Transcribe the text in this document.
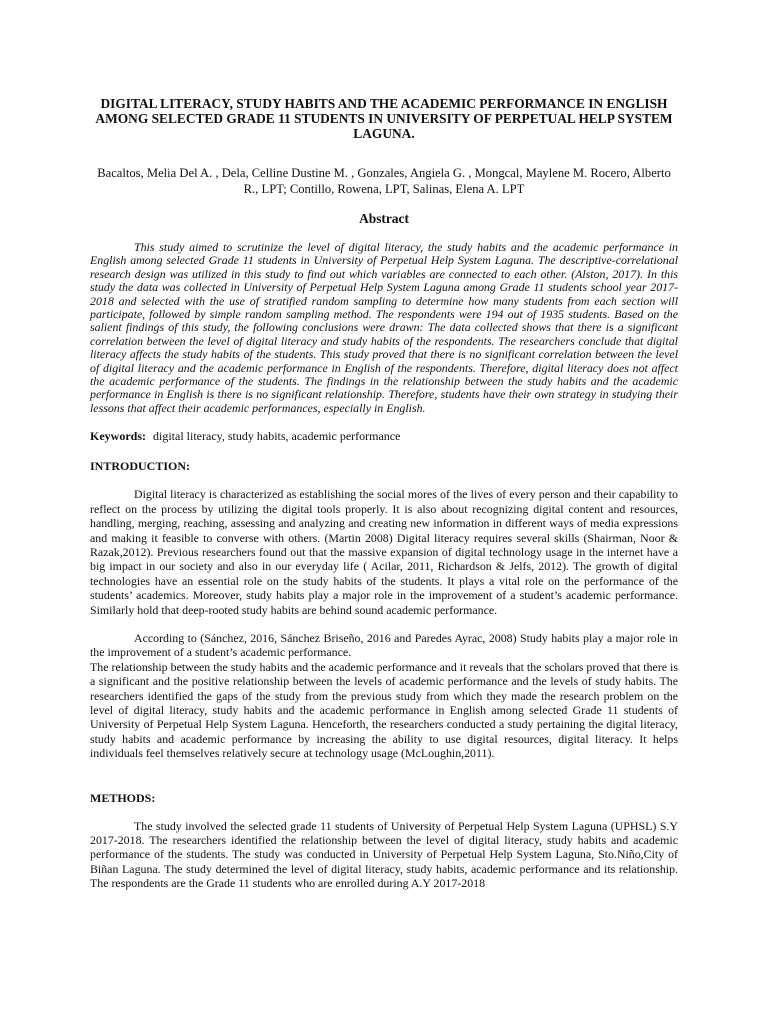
DIGITAL LITERACY, STUDY HABITS AND THE ACADEMIC PERFORMANCE IN ENGLISH AMONG SELECTED GRADE 11 STUDENTS IN UNIVERSITY OF PERPETUAL HELP SYSTEM LAGUNA.

Bacaltos, Melia Del A. , Dela, Celline Dustine M. , Gonzales, Angiela G. , Mongcal, Maylene M. Rocero, Alberto R., LPT; Contillo, Rowena, LPT, Salinas, Elena A. LPT

Abstract

This study aimed to scrutinize the level of digital literacy, the study habits and the academic performance in English among selected Grade 11 students in University of Perpetual Help System Laguna. The descriptive-correlational research design was utilized in this study to find out which variables are connected to each other. (Alston, 2017). In this study the data was collected in University of Perpetual Help System Laguna among Grade 11 students school year 2017-2018 and selected with the use of stratified random sampling to determine how many students from each section will participate, followed by simple random sampling method. The respondents were 194 out of 1935 students. Based on the salient findings of this study, the following conclusions were drawn: The data collected shows that there is a significant correlation between the level of digital literacy and study habits of the respondents. The researchers conclude that digital literacy affects the study habits of the students. This study proved that there is no significant correlation between the level of digital literacy and the academic performance in English of the respondents. Therefore, digital literacy does not affect the academic performance of the students. The findings in the relationship between the study habits and the academic performance in English is there is no significant relationship. Therefore, students have their own strategy in studying their lessons that affect their academic performances, especially in English.

Keywords: digital literacy, study habits, academic performance

INTRODUCTION:

Digital literacy is characterized as establishing the social mores of the lives of every person and their capability to reflect on the process by utilizing the digital tools properly. It is also about recognizing digital content and resources, handling, merging, reaching, assessing and analyzing and creating new information in different ways of media expressions and making it feasible to converse with others. (Martin 2008) Digital literacy requires several skills (Shairman, Noor & Razak,2012). Previous researchers found out that the massive expansion of digital technology usage in the internet have a big impact in our society and also in our everyday life ( Acilar, 2011, Richardson & Jelfs, 2012). The growth of digital technologies have an essential role on the study habits of the students. It plays a vital role on the performance of the students’ academics. Moreover, study habits play a major role in the improvement of a student’s academic performance. Similarly hold that deep-rooted study habits are behind sound academic performance.

According to (Sánchez, 2016, Sánchez Briseño, 2016 and Paredes Ayrac, 2008) Study habits play a major role in the improvement of a student’s academic performance.

The relationship between the study habits and the academic performance and it reveals that the scholars proved that there is a significant and the positive relationship between the levels of academic performance and the levels of study habits. The researchers identified the gaps of the study from the previous study from which they made the research problem on the level of digital literacy, study habits and the academic performance in English among selected Grade 11 students of University of Perpetual Help System Laguna. Henceforth, the researchers conducted a study pertaining the digital literacy, study habits and academic performance by increasing the ability to use digital resources, digital literacy. It helps individuals feel themselves relatively secure at technology usage (McLoughin,2011).

METHODS:

The study involved the selected grade 11 students of University of Perpetual Help System Laguna (UPHSL) S.Y 2017-2018. The researchers identified the relationship between the level of digital literacy, study habits and academic performance of the students. The study was conducted in University of Perpetual Help System Laguna, Sto.Niño,City of Biñan Laguna. The study determined the level of digital literacy, study habits, academic performance and its relationship. The respondents are the Grade 11 students who are enrolled during A.Y 2017-2018
